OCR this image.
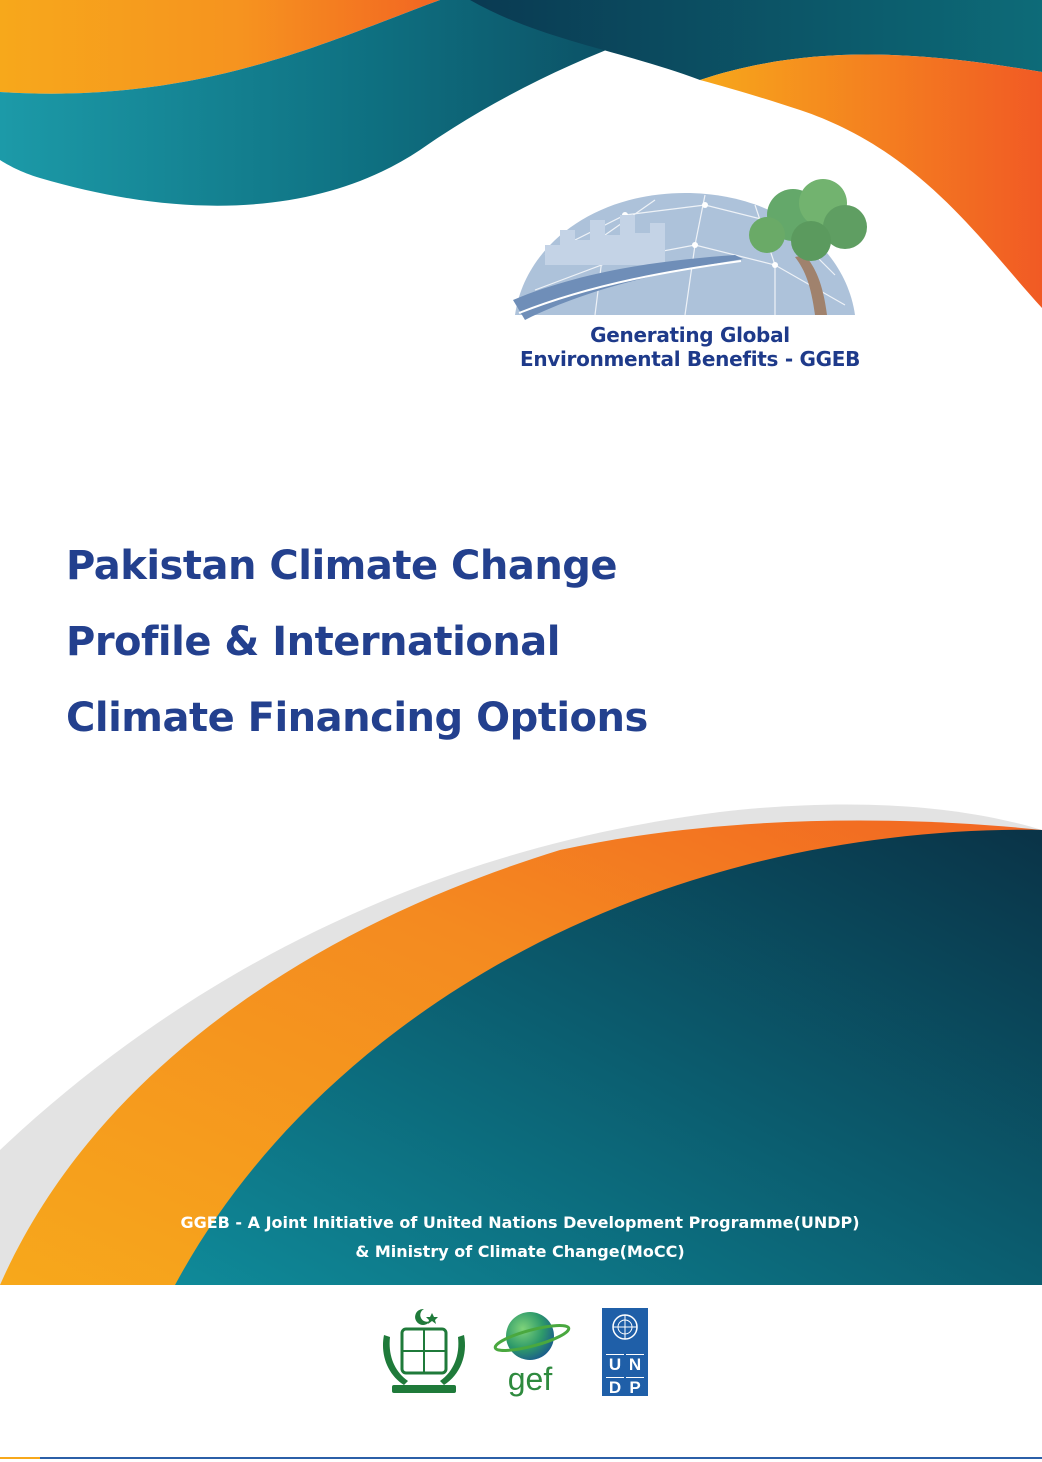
Generating Global
Environmental Benefits - GGEB
Pakistan Climate Change
Profile & International
Climate Financing Options
GGEB - A Joint Initiative of United Nations Development Programme(UNDP)
& Ministry of Climate Change(MoCC)
gef	U N
D P
